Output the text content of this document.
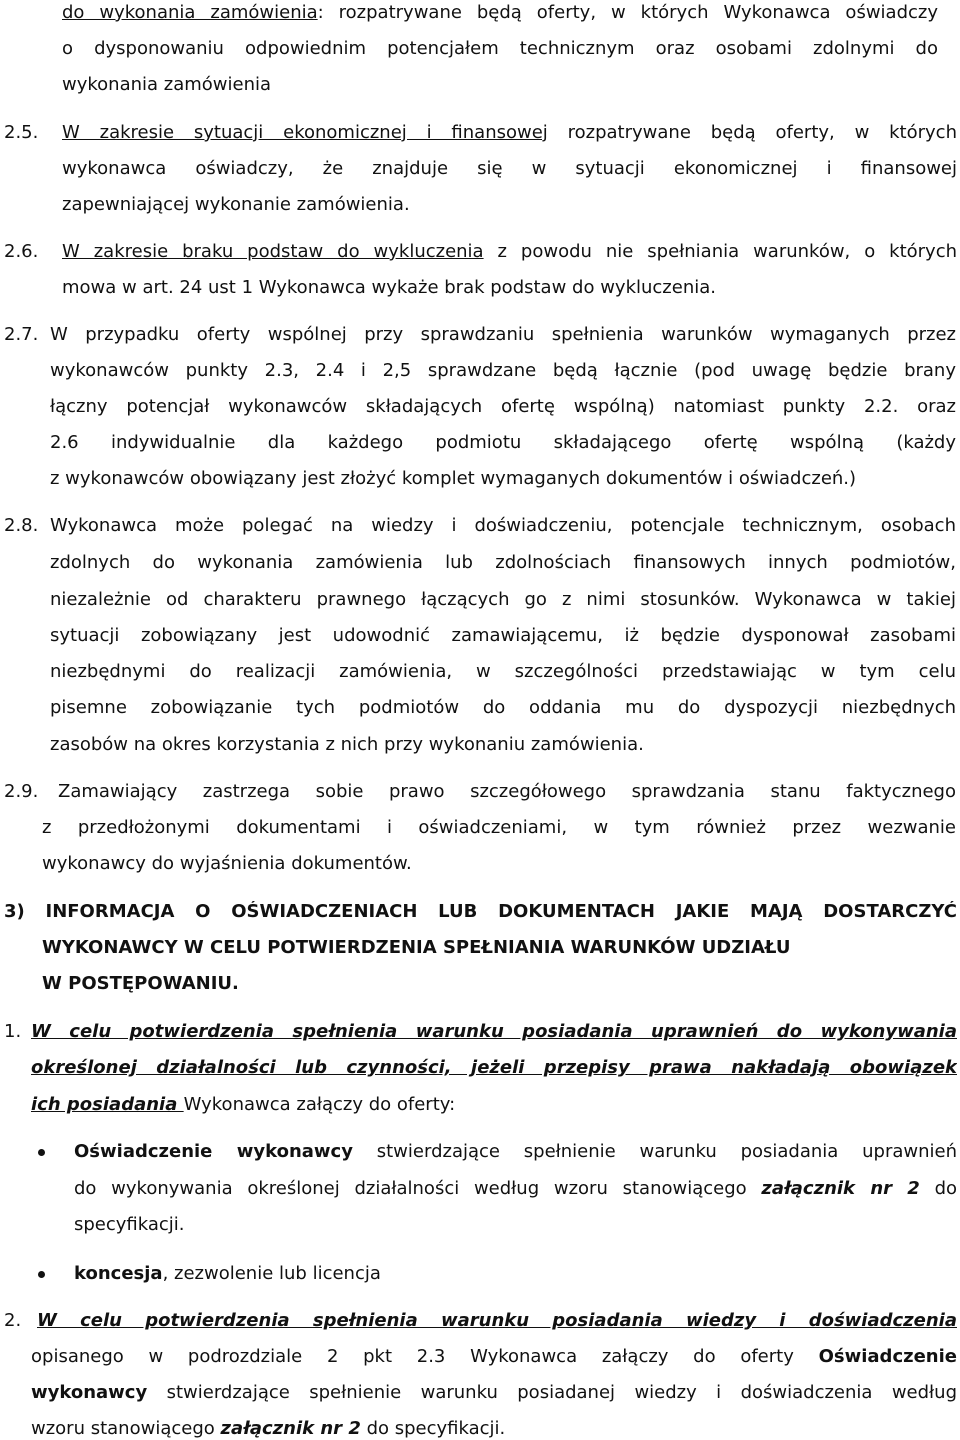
do wykonania zamówienia: rozpatrywane będą oferty, w których Wykonawca oświadczy
o dysponowaniu odpowiednim potencjałem technicznym oraz osobami zdolnymi do
wykonania zamówienia
2.5. W zakresie sytuacji ekonomicznej i finansowej rozpatrywane będą oferty, w których
wykonawca oświadczy, że znajduje się w sytuacji ekonomicznej i finansowej
zapewniającej wykonanie zamówienia.
2.6. W zakresie braku podstaw do wykluczenia z powodu nie spełniania warunków, o których
mowa w art. 24 ust 1 Wykonawca wykaże brak podstaw do wykluczenia.
2.7. W przypadku oferty wspólnej przy sprawdzaniu spełnienia warunków wymaganych przez
wykonawców punkty 2.3, 2.4 i 2,5 sprawdzane będą łącznie (pod uwagę będzie brany
łączny potencjał wykonawców składających ofertę wspólną) natomiast punkty 2.2. oraz
2.6 indywidualnie dla każdego podmiotu składającego ofertę wspólną (każdy
z wykonawców obowiązany jest złożyć komplet wymaganych dokumentów i oświadczeń.)
2.8. Wykonawca może polegać na wiedzy i doświadczeniu, potencjale technicznym, osobach
zdolnych do wykonania zamówienia lub zdolnościach finansowych innych podmiotów,
niezależnie od charakteru prawnego łączących go z nimi stosunków. Wykonawca w takiej
sytuacji zobowiązany jest udowodnić zamawiającemu, iż będzie dysponował zasobami
niezbędnymi do realizacji zamówienia, w szczególności przedstawiając w tym celu
pisemne zobowiązanie tych podmiotów do oddania mu do dyspozycji niezbędnych
zasobów na okres korzystania z nich przy wykonaniu zamówienia.
2.9. Zamawiający zastrzega sobie prawo szczegółowego sprawdzania stanu faktycznego
z przedłożonymi dokumentami i oświadczeniami, w tym również przez wezwanie
wykonawcy do wyjaśnienia dokumentów.
3) INFORMACJA O OŚWIADCZENIACH LUB DOKUMENTACH JAKIE MAJĄ DOSTARCZYĆ
WYKONAWCY W CELU POTWIERDZENIA SPEŁNIANIA WARUNKÓW UDZIAŁU
W POSTĘPOWANIU.
1. W celu potwierdzenia spełnienia warunku posiadania uprawnień do wykonywania
określonej działalności lub czynności, jeżeli przepisy prawa nakładają obowiązek
ich posiadania Wykonawca załączy do oferty:
Oświadczenie wykonawcy stwierdzające spełnienie warunku posiadania uprawnień
do wykonywania określonej działalności według wzoru stanowiącego załącznik nr 2 do
specyfikacji.
koncesja, zezwolenie lub licencja
2. W celu potwierdzenia spełnienia warunku posiadania wiedzy i doświadczenia
opisanego w podrozdziale 2 pkt 2.3 Wykonawca załączy do oferty Oświadczenie
wykonawcy stwierdzające spełnienie warunku posiadanej wiedzy i doświadczenia według
wzoru stanowiącego załącznik nr 2 do specyfikacji.
